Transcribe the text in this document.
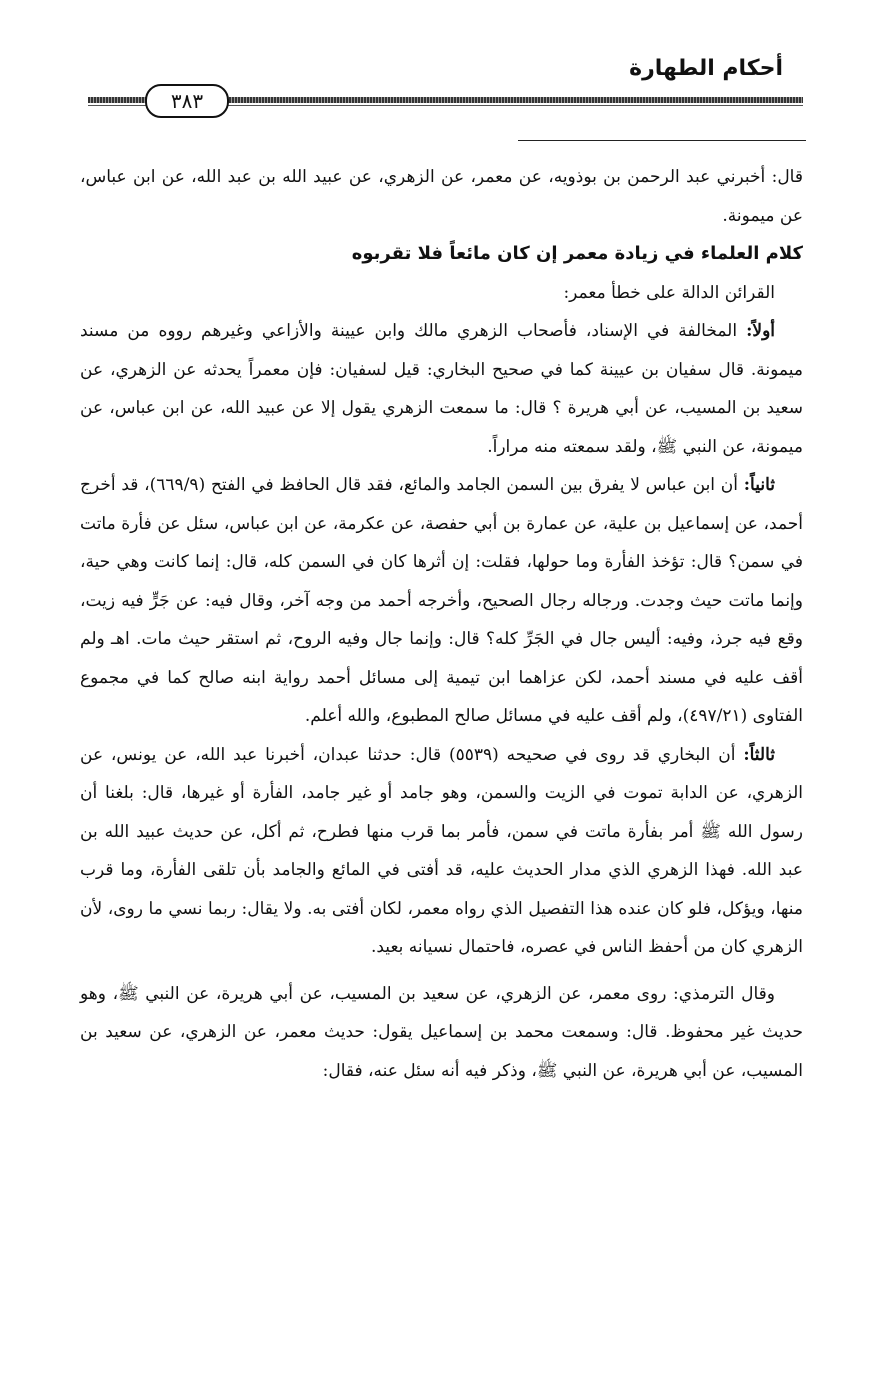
أحكام الطهارة
٣٨٣

قال: أخبرني عبد الرحمن بن بوذويه، عن معمر، عن الزهري، عن عبيد الله بن عبد الله، عن ابن عباس، عن ميمونة.

كلام العلماء في زيادة معمر إن كان مائعاً فلا تقربوه

القرائن الدالة على خطأ معمر:

أولاً: المخالفة في الإسناد، فأصحاب الزهري مالك وابن عيينة والأزاعي وغيرهم رووه من مسند ميمونة. قال سفيان بن عيينة كما في صحيح البخاري: قيل لسفيان: فإن معمراً يحدثه عن الزهري، عن سعيد بن المسيب، عن أبي هريرة ؟ قال: ما سمعت الزهري يقول إلا عن عبيد الله، عن ابن عباس، عن ميمونة، عن النبي ﷺ، ولقد سمعته منه مراراً.

ثانياً: أن ابن عباس لا يفرق بين السمن الجامد والمائع، فقد قال الحافظ في الفتح (٦٦٩/٩)، قد أخرج أحمد، عن إسماعيل بن علية، عن عمارة بن أبي حفصة، عن عكرمة، عن ابن عباس، سئل عن فأرة ماتت في سمن؟ قال: تؤخذ الفأرة وما حولها، فقلت: إن أثرها كان في السمن كله، قال: إنما كانت وهي حية، وإنما ماتت حيث وجدت. ورجاله رجال الصحيح، وأخرجه أحمد من وجه آخر، وقال فيه: عن جَرٍّ فيه زيت، وقع فيه جرذ، وفيه: أليس جال في الجَرِّ كله؟ قال: وإنما جال وفيه الروح، ثم استقر حيث مات. اهـ ولم أقف عليه في مسند أحمد، لكن عزاهما ابن تيمية إلى مسائل أحمد رواية ابنه صالح كما في مجموع الفتاوى (٤٩٧/٢١)، ولم أقف عليه في مسائل صالح المطبوع، والله أعلم.

ثالثاً: أن البخاري قد روى في صحيحه (٥٥٣٩) قال: حدثنا عبدان، أخبرنا عبد الله، عن يونس، عن الزهري، عن الدابة تموت في الزيت والسمن، وهو جامد أو غير جامد، الفأرة أو غيرها، قال: بلغنا أن رسول الله ﷺ أمر بفأرة ماتت في سمن، فأمر بما قرب منها فطرح، ثم أكل، عن حديث عبيد الله بن عبد الله. فهذا الزهري الذي مدار الحديث عليه، قد أفتى في المائع والجامد بأن تلقى الفأرة، وما قرب منها، ويؤكل، فلو كان عنده هذا التفصيل الذي رواه معمر، لكان أفتى به. ولا يقال: ربما نسي ما روى، لأن الزهري كان من أحفظ الناس في عصره، فاحتمال نسيانه بعيد.

وقال الترمذي: روى معمر، عن الزهري، عن سعيد بن المسيب، عن أبي هريرة، عن النبي ﷺ، وهو حديث غير محفوظ. قال: وسمعت محمد بن إسماعيل يقول: حديث معمر، عن الزهري، عن سعيد بن المسيب، عن أبي هريرة، عن النبي ﷺ، وذكر فيه أنه سئل عنه، فقال:
